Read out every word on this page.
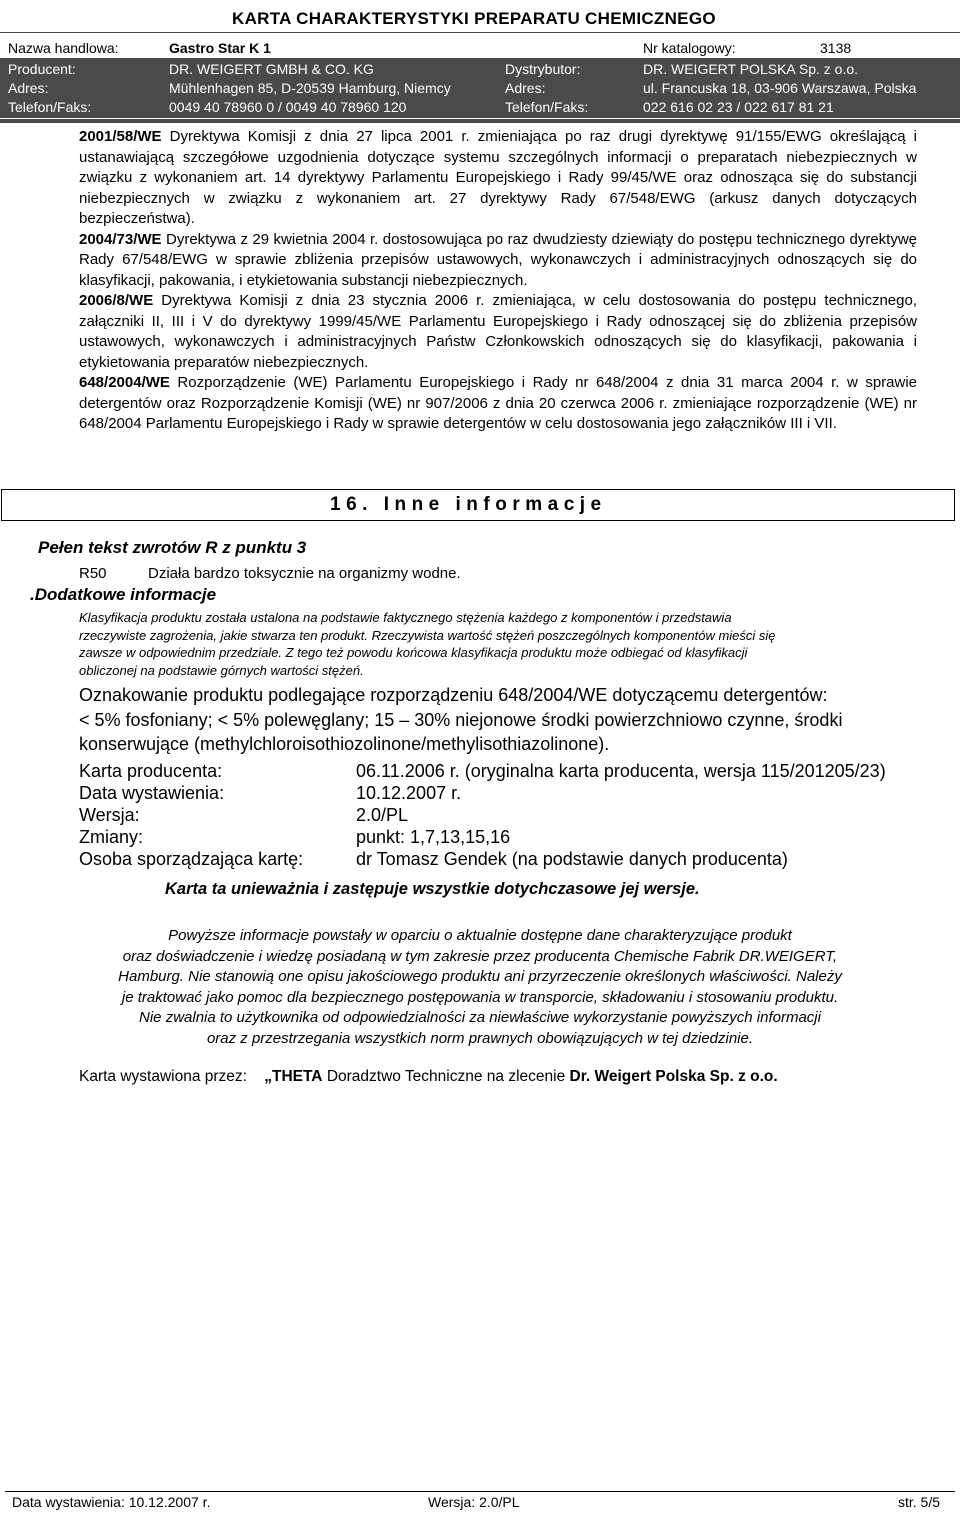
KARTA CHARAKTERYSTYKI PREPARATU CHEMICZNEGO
Nazwa handlowa:	Gastro Star K 1	Nr katalogowy:	3138
Producent:	DR. WEIGERT GMBH & CO. KG	Dystrybutor:	DR. WEIGERT POLSKA Sp. z o.o.
Adres:	Mühlenhagen 85, D-20539 Hamburg, Niemcy	Adres:	ul. Francuska 18, 03-906 Warszawa, Polska
Telefon/Faks:	0049 40 78960 0 / 0049 40 78960 120	Telefon/Faks:	022 616 02 23 / 022 617 81 21

2001/58/WE Dyrektywa Komisji z dnia 27 lipca 2001 r. zmieniająca po raz drugi dyrektywę 91/155/EWG określającą i ustanawiającą szczegółowe uzgodnienia dotyczące systemu szczególnych informacji o preparatach niebezpiecznych w związku z wykonaniem art. 14 dyrektywy Parlamentu Europejskiego i Rady 99/45/WE oraz odnosząca się do substancji niebezpiecznych w związku z wykonaniem art. 27 dyrektywy Rady 67/548/EWG (arkusz danych dotyczących bezpieczeństwa).

2004/73/WE Dyrektywa z 29 kwietnia 2004 r. dostosowująca po raz dwudziesty dziewiąty do postępu technicznego dyrektywę Rady 67/548/EWG w sprawie zbliżenia przepisów ustawowych, wykonawczych i administracyjnych odnoszących się do klasyfikacji, pakowania, i etykietowania substancji niebezpiecznych.

2006/8/WE Dyrektywa Komisji z dnia 23 stycznia 2006 r. zmieniająca, w celu dostosowania do postępu technicznego, załączniki II, III i V do dyrektywy 1999/45/WE Parlamentu Europejskiego i Rady odnoszącej się do zbliżenia przepisów ustawowych, wykonawczych i administracyjnych Państw Członkowskich odnoszących się do klasyfikacji, pakowania i etykietowania preparatów niebezpiecznych.

648/2004/WE Rozporządzenie (WE) Parlamentu Europejskiego i Rady nr 648/2004 z dnia 31 marca 2004 r. w sprawie detergentów oraz Rozporządzenie Komisji (WE) nr 907/2006 z dnia 20 czerwca 2006 r. zmieniające rozporządzenie (WE) nr 648/2004 Parlamentu Europejskiego i Rady w sprawie detergentów w celu dostosowania jego załączników III i VII.

16. Inne informacje
Pełen tekst zwrotów R z punktu 3
R50	Działa bardzo toksycznie na organizmy wodne.
.Dodatkowe informacje
Klasyfikacja produktu została ustalona na podstawie faktycznego stężenia każdego z komponentów i przedstawia
rzeczywiste zagrożenia, jakie stwarza ten produkt. Rzeczywista wartość stężeń poszczególnych komponentów mieści się
zawsze w odpowiednim przedziale. Z tego też powodu końcowa klasyfikacja produktu może odbiegać od klasyfikacji
obliczonej na podstawie górnych wartości stężeń.
Oznakowanie produktu podlegające rozporządzeniu 648/2004/WE dotyczącemu detergentów:
< 5% fosfoniany; < 5% polewęglany; 15 – 30% niejonowe środki powierzchniowo czynne, środki
konserwujące (methylchloroisothiozolinone/methylisothiazolinone).
Karta producenta:	06.11.2006 r. (oryginalna karta producenta, wersja 115/201205/23)
Data wystawienia:	10.12.2007 r.
Wersja:	2.0/PL
Zmiany:	punkt: 1,7,13,15,16
Osoba sporządzająca kartę:	dr Tomasz Gendek (na podstawie danych producenta)
Karta ta unieważnia i zastępuje wszystkie dotychczasowe jej wersje.
Powyższe informacje powstały w oparciu o aktualnie dostępne dane charakteryzujące produkt
oraz doświadczenie i wiedzę posiadaną w tym zakresie przez producenta Chemische Fabrik DR.WEIGERT,
Hamburg. Nie stanowią one opisu jakościowego produktu ani przyrzeczenie określonych właściwości. Należy
je traktować jako pomoc dla bezpiecznego postępowania w transporcie, składowaniu i stosowaniu produktu.
Nie zwalnia to użytkownika od odpowiedzialności za niewłaściwe wykorzystanie powyższych informacji
oraz z przestrzegania wszystkich norm prawnych obowiązujących w tej dziedzinie.
Karta wystawiona przez: „THETA Doradztwo Techniczne na zlecenie Dr. Weigert Polska Sp. z o.o.
Data wystawienia: 10.12.2007 r.	Wersja: 2.0/PL	str. 5/5
